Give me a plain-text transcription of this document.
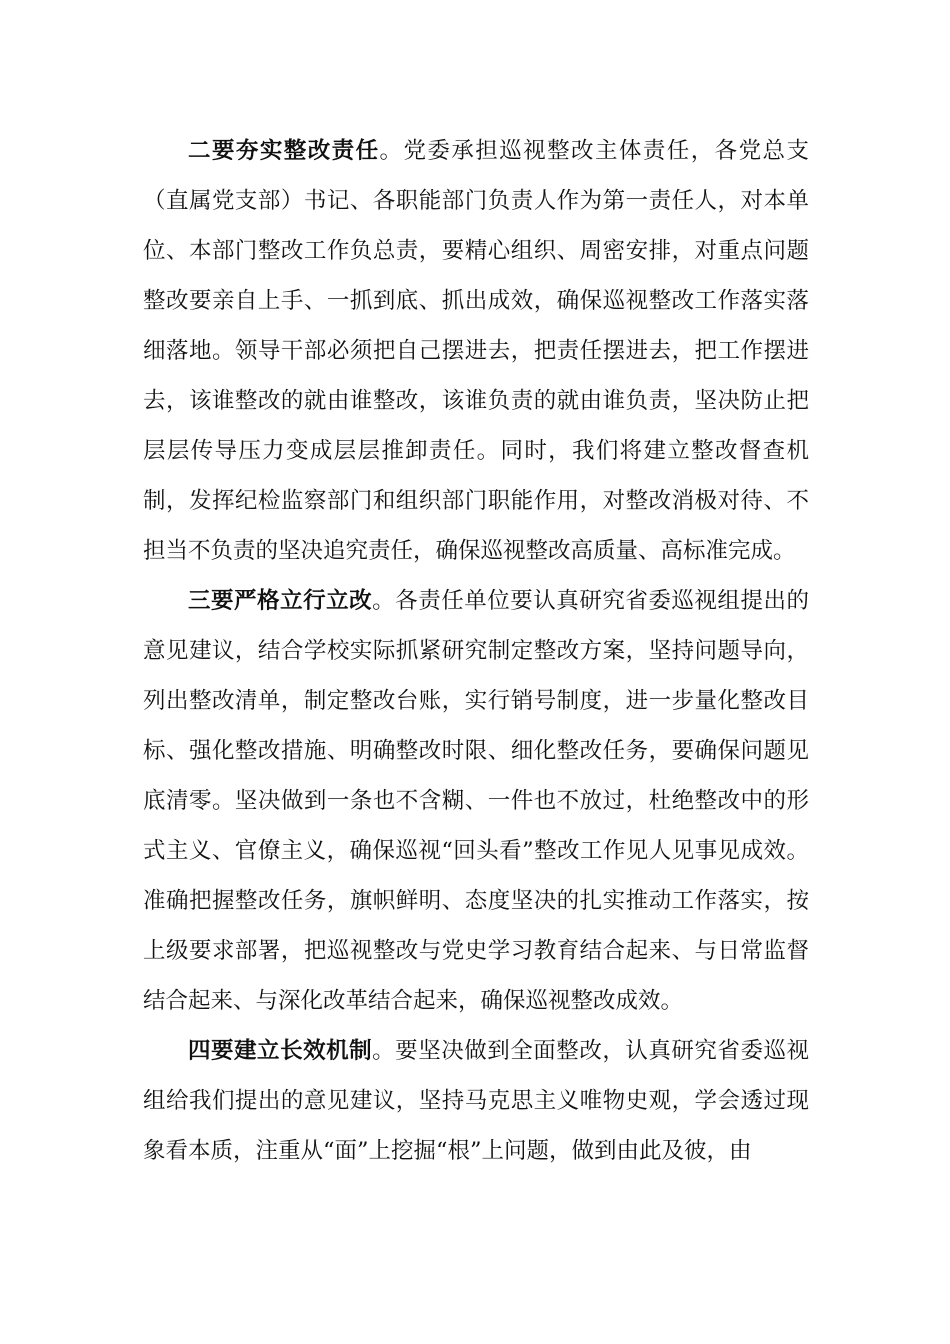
二要夯实整改责任。党委承担巡视整改主体责任，各党总支（直属党支部）书记、各职能部门负责人作为第一责任人，对本单位、本部门整改工作负总责，要精心组织、周密安排，对重点问题整改要亲自上手、一抓到底、抓出成效，确保巡视整改工作落实落细落地。领导干部必须把自己摆进去，把责任摆进去，把工作摆进去，该谁整改的就由谁整改，该谁负责的就由谁负责，坚决防止把层层传导压力变成层层推卸责任。同时，我们将建立整改督查机制，发挥纪检监察部门和组织部门职能作用，对整改消极对待、不担当不负责的坚决追究责任，确保巡视整改高质量、高标准完成。

三要严格立行立改。各责任单位要认真研究省委巡视组提出的意见建议，结合学校实际抓紧研究制定整改方案，坚持问题导向，列出整改清单，制定整改台账，实行销号制度，进一步量化整改目标、强化整改措施、明确整改时限、细化整改任务，要确保问题见底清零。坚决做到一条也不含糊、一件也不放过，杜绝整改中的形式主义、官僚主义，确保巡视“回头看”整改工作见人见事见成效。准确把握整改任务，旗帜鲜明、态度坚决的扎实推动工作落实，按上级要求部署，把巡视整改与党史学习教育结合起来、与日常监督结合起来、与深化改革结合起来，确保巡视整改成效。

四要建立长效机制。要坚决做到全面整改，认真研究省委巡视组给我们提出的意见建议，坚持马克思主义唯物史观，学会透过现象看本质，注重从“面”上挖掘“根”上问题，做到由此及彼，由
